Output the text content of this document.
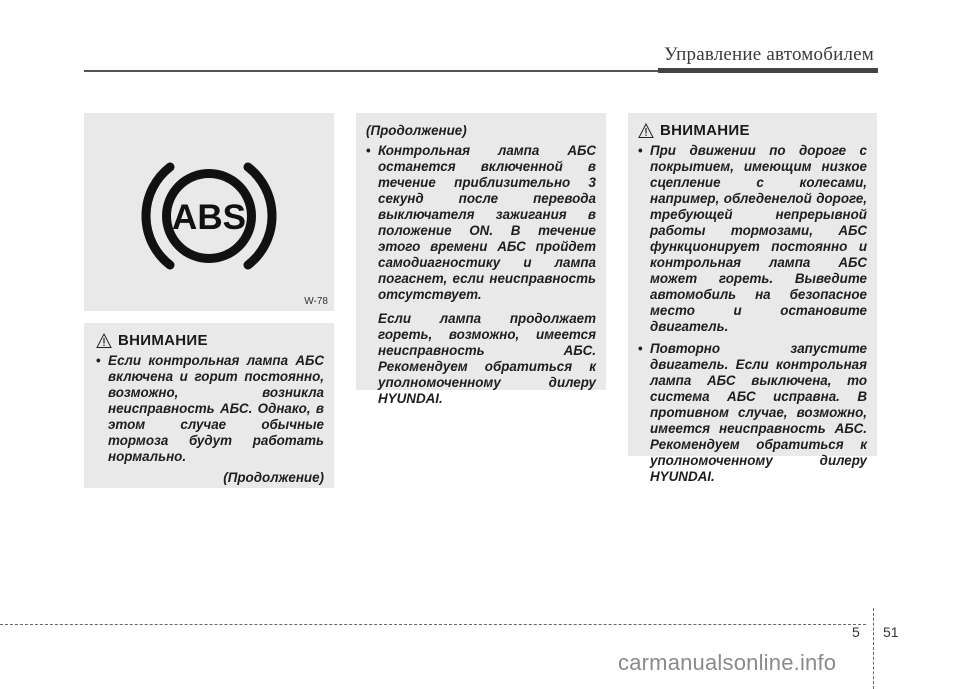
Управление автомобилем
ABS
W-78
ВНИМАНИЕ
• Если контрольная лампа АБС включена и горит постоянно, возможно, возникла неисправность АБС. Однако, в этом случае обычные тормоза будут работать нормально.
(Продолжение)
(Продолжение)
• Контрольная лампа АБС останется включенной в течение приблизительно 3 секунд после перевода выключателя зажигания в положение ON. В течение этого времени АБС пройдет самодиагностику и лампа погаснет, если неисправность отсутствует.
Если лампа продолжает гореть, возможно, имеется неисправность АБС. Рекомендуем обратиться к уполномоченному дилеру HYUNDAI.
ВНИМАНИЕ
• При движении по дороге с покрытием, имеющим низкое сцепление с колесами, например, обледенелой дороге, требующей непрерывной работы тормозами, АБС функционирует постоянно и контрольная лампа АБС может гореть. Выведите автомобиль на безопасное место и остановите двигатель.
• Повторно запустите двигатель. Если контрольная лампа АБС выключена, то система АБС исправна. В противном случае, возможно, имеется неисправность АБС. Рекомендуем обратиться к уполномоченному дилеру HYUNDAI.
5 51
carmanualsonline.info
